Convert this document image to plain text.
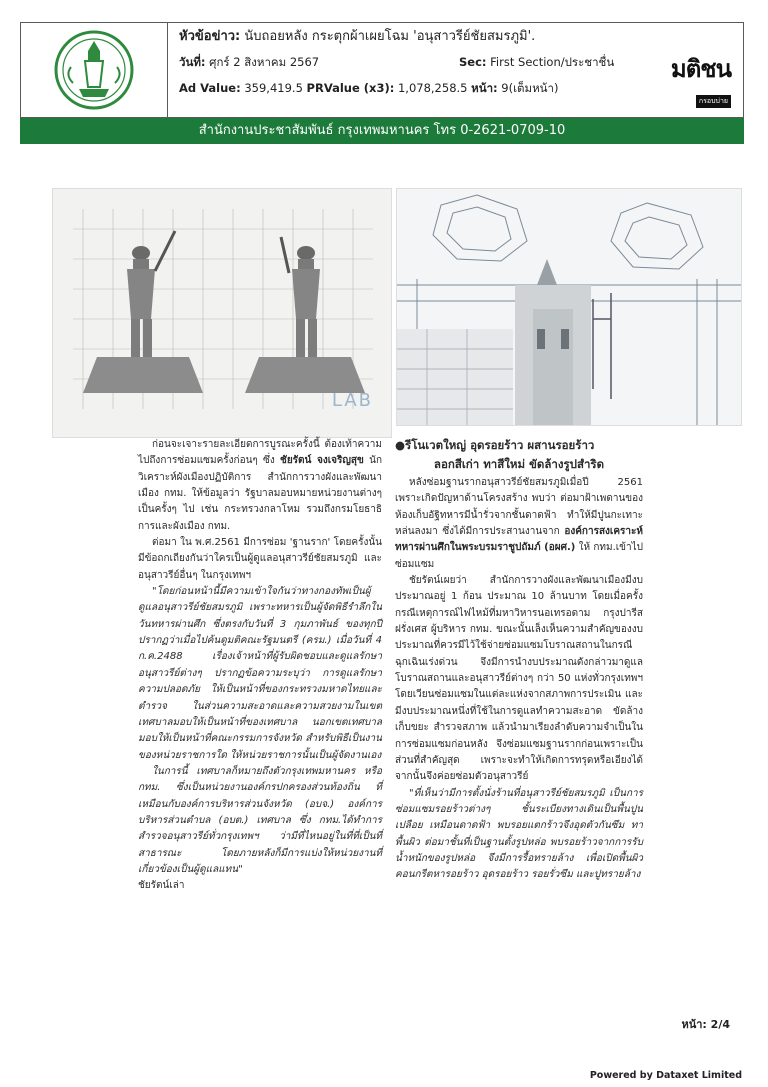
หัวข้อข่าว: นับถอยหลัง กระตุกผ้าเผยโฉม 'อนุสาวรีย์ชัยสมรภูมิ'.
วันที่: ศุกร์ 2 สิงหาคม 2567	Sec: First Section/ประชาชื่น
Ad Value: 359,419.5 PRValue (x3): 1,078,258.5 หน้า: 9(เต็มหน้า)
มติชน
กรอบบ่าย
สำนักงานประชาสัมพันธ์ กรุงเทพมหานคร โทร 0-2621-0709-10
LAB

ก่อนจะเจาะรายละเอียดการบูรณะครั้งนี้ ต้องเท้าความไปถึงการซ่อมแซมครั้งก่อนๆ ซึ่ง ชัยรัตน์ จงเจริญสุข นักวิเคราะห์ผังเมืองปฏิบัติการ สำนักการวางผังและพัฒนาเมือง กทม. ให้ข้อมูลว่า รัฐบาลมอบหมายหน่วยงานต่างๆ เป็นครั้งๆ ไป เช่น กระทรวงกลาโหม รวมถึงกรมโยธาธิการและผังเมือง กทม.

ต่อมา ใน พ.ศ.2561 มีการซ่อม 'ฐานราก' โดยครั้งนั้นมีข้อถกเถียงกันว่าใครเป็นผู้ดูแลอนุสาวรีย์ชัยสมรภูมิ และอนุสาวรีย์อื่นๆ ในกรุงเทพฯ

"โดยก่อนหน้านี้มีความเข้าใจกันว่าทางกองทัพเป็นผู้ดูแลอนุสาวรีย์ชัยสมรภูมิ เพราะทหารเป็นผู้จัดพิธีรำลึกในวันทหารผ่านศึก ซึ่งตรงกับวันที่ 3 กุมภาพันธ์ ของทุกปี ปรากฏว่าเมื่อไปค้นดูมติคณะรัฐมนตรี (ครม.) เมื่อวันที่ 4 ก.ค.2488 เรื่องเจ้าหน้าที่ผู้รับผิดชอบและดูแลรักษาอนุสาวรีย์ต่างๆ ปรากฏข้อความระบุว่า การดูแลรักษาความปลอดภัย ให้เป็นหน้าที่ของกระทรวงมหาดไทยและตำรวจ ในส่วนความสะอาดและความสวยงามในเขตเทศบาลมอบให้เป็นหน้าที่ของเทศบาล นอกเขตเทศบาลมอบให้เป็นหน้าที่คณะกรรมการจังหวัด สำหรับพิธีเป็นงานของหน่วยราชการใด ให้หน่วยราชการนั้นเป็นผู้จัดงานเอง

ในการนี้ เทศบาลก็หมายถึงตัวกรุงเทพมหานคร หรือ กทม. ซึ่งเป็นหน่วยงานองค์กรปกครองส่วนท้องถิ่น ที่เหมือนกับองค์การบริหารส่วนจังหวัด (อบจ.) องค์การบริหารส่วนตำบล (อบต.) เทศบาล ซึ่ง กทม.ได้ทำการสำรวจอนุสาวรีย์ทั่วกรุงเทพฯ ว่ามีที่ไหนอยู่ในที่ที่เป็นที่สาธารณะ โดยภายหลังก็มีการแบ่งให้หน่วยงานที่เกี่ยวข้องเป็นผู้ดูแลแทน"

ชัยรัตน์เล่า

●รีโนเวตใหญ่ อุดรอยร้าว ผสานรอยร้าว
ลอกสีเก่า ทาสีใหม่ ขัดล้างรูปสำริด

หลังซ่อมฐานรากอนุสาวรีย์ชัยสมรภูมิเมื่อปี 2561 เพราะเกิดปัญหาด้านโครงสร้าง พบว่า ต่อมาฝ้าเพดานของห้องเก็บอัฐิทหารมีน้ำรั่วจากชั้นดาดฟ้า ทำให้มีปูนกะเทาะหล่นลงมา ซึ่งได้มีการประสานงานจาก องค์การสงเคราะห์ทหารผ่านศึกในพระบรมราชูปถัมภ์ (อผศ.) ให้ กทม.เข้าไปซ่อมแซม

ชัยรัตน์เผยว่า สำนักการวางผังและพัฒนาเมืองมีงบประมาณอยู่ 1 ก้อน ประมาณ 10 ล้านบาท โดยเมื่อครั้งกรณีเหตุการณ์ไฟไหม้ที่มหาวิหารนอเทรอดาม กรุงปารีส ฝรั่งเศส ผู้บริหาร กทม. ขณะนั้นเล็งเห็นความสำคัญของงบประมาณที่ควรมีไว้ใช้จ่ายซ่อมแซมโบราณสถานในกรณีฉุกเฉินเร่งด่วน จึงมีการนำงบประมาณดังกล่าวมาดูแลโบราณสถานและอนุสาวรีย์ต่างๆ กว่า 50 แห่งทั่วกรุงเทพฯ โดยเวียนซ่อมแซมในแต่ละแห่งจากสภาพการประเมิน และมีงบประมาณหนึ่งที่ใช้ในการดูแลทำความสะอาด ขัดล้าง เก็บขยะ สำรวจสภาพ แล้วนำมาเรียงลำดับความจำเป็นในการซ่อมแซมก่อนหลัง จึงซ่อมแซมฐานรากก่อนเพราะเป็นส่วนที่สำคัญสุด เพราะจะทำให้เกิดการทรุดหรือเอียงได้ จากนั้นจึงค่อยซ่อมตัวอนุสาวรีย์

"ที่เห็นว่ามีการตั้งนั่งร้านที่อนุสาวรีย์ชัยสมรภูมิ เป็นการซ่อมแซมรอยร้าวต่างๆ ชั้นระเบียงทางเดินเป็นพื้นปูนเปลือย เหมือนดาดฟ้า พบรอยแตกร้าวจึงอุดตัวกันซึม ทาพื้นผิว ต่อมาชั้นที่เป็นฐานตั้งรูปหล่อ พบรอยร้าวจากการรับน้ำหนักของรูปหล่อ จึงมีการรื้อทรายล้าง เพื่อเปิดพื้นผิวคอนกรีตหารอยร้าว อุดรอยร้าว รอยรั่วซึม และปูทรายล้าง

หน้า: 2/4
Powered by Dataxet Limited
